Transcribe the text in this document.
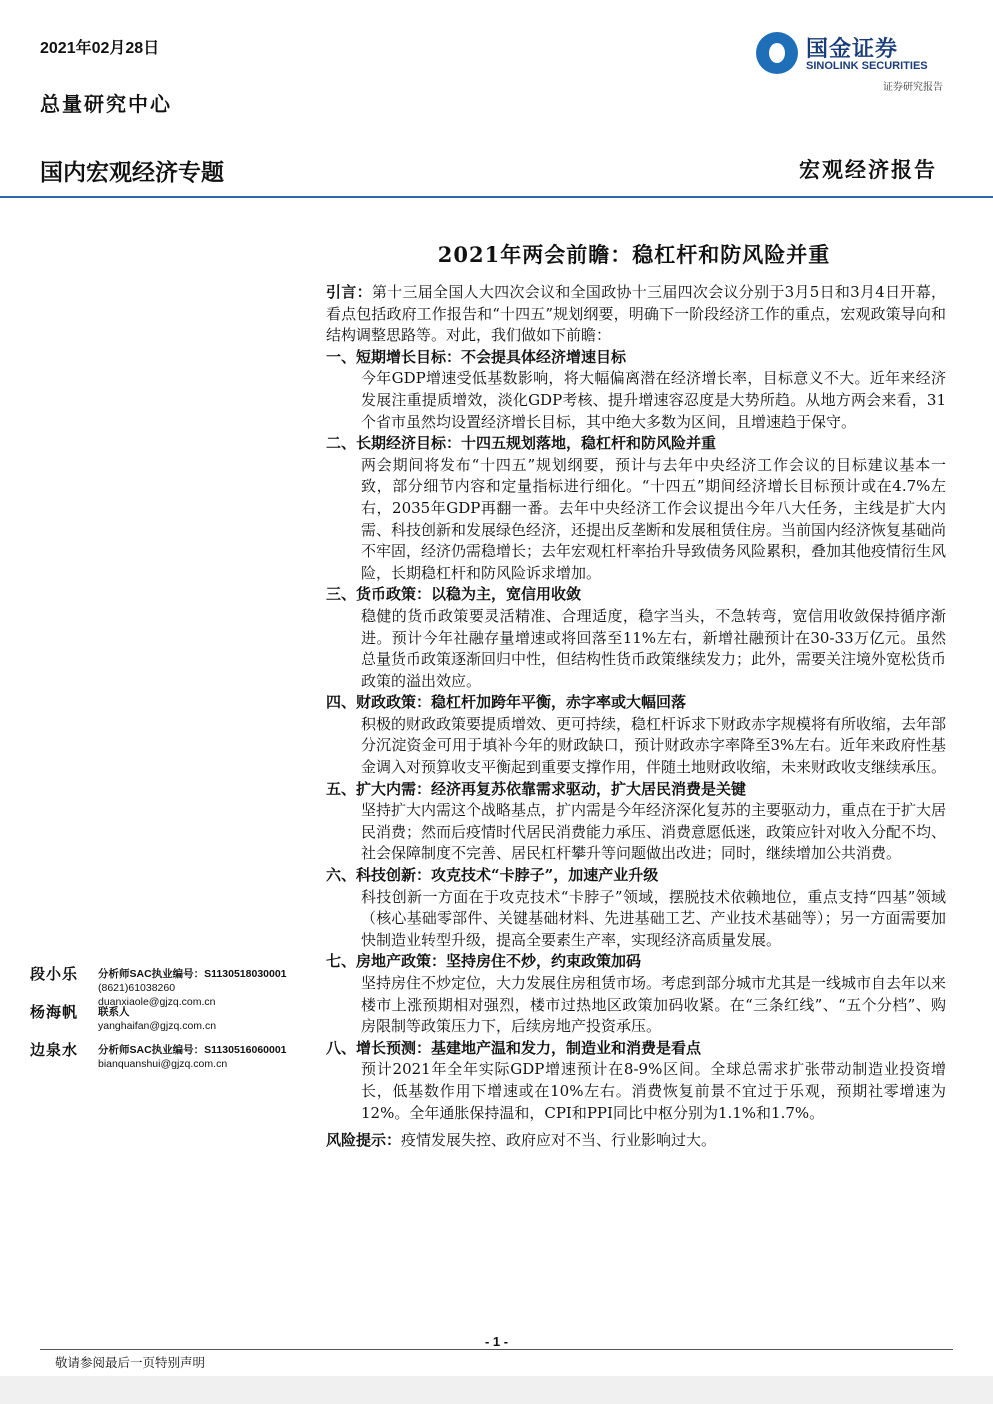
2021年02月28日	国金证券
SINOLINK SECURITIES
证券研究报告
总量研究中心
国内宏观经济专题	宏观经济报告
2021年两会前瞻：稳杠杆和防风险并重
引言：第十三届全国人大四次会议和全国政协十三届四次会议分别于3月5日和3月4日开幕，看点包括政府工作报告和“十四五”规划纲要，明确下一阶段经济工作的重点，宏观政策导向和结构调整思路等。对此，我们做如下前瞻：
一、短期增长目标：不会提具体经济增速目标
今年GDP增速受低基数影响，将大幅偏离潜在经济增长率，目标意义不大。近年来经济发展注重提质增效，淡化GDP考核、提升增速容忍度是大势所趋。从地方两会来看，31个省市虽然均设置经济增长目标，其中绝大多数为区间，且增速趋于保守。
二、长期经济目标：十四五规划落地，稳杠杆和防风险并重
两会期间将发布“十四五”规划纲要，预计与去年中央经济工作会议的目标建议基本一致，部分细节内容和定量指标进行细化。“十四五”期间经济增长目标预计或在4.7%左右，2035年GDP再翻一番。去年中央经济工作会议提出今年八大任务，主线是扩大内需、科技创新和发展绿色经济，还提出反垄断和发展租赁住房。当前国内经济恢复基础尚不牢固，经济仍需稳增长；去年宏观杠杆率抬升导致债务风险累积，叠加其他疫情衍生风险，长期稳杠杆和防风险诉求增加。
三、货币政策：以稳为主，宽信用收敛
稳健的货币政策要灵活精准、合理适度，稳字当头，不急转弯，宽信用收敛保持循序渐进。预计今年社融存量增速或将回落至11%左右，新增社融预计在30-33万亿元。虽然总量货币政策逐渐回归中性，但结构性货币政策继续发力；此外，需要关注境外宽松货币政策的溢出效应。
四、财政政策：稳杠杆加跨年平衡，赤字率或大幅回落
积极的财政政策要提质增效、更可持续，稳杠杆诉求下财政赤字规模将有所收缩，去年部分沉淀资金可用于填补今年的财政缺口，预计财政赤字率降至3%左右。近年来政府性基金调入对预算收支平衡起到重要支撑作用，伴随土地财政收缩，未来财政收支继续承压。
五、扩大内需：经济再复苏依靠需求驱动，扩大居民消费是关键
坚持扩大内需这个战略基点，扩内需是今年经济深化复苏的主要驱动力，重点在于扩大居民消费；然而后疫情时代居民消费能力承压、消费意愿低迷，政策应针对收入分配不均、社会保障制度不完善、居民杠杆攀升等问题做出改进；同时，继续增加公共消费。
六、科技创新：攻克技术“卡脖子”，加速产业升级
科技创新一方面在于攻克技术“卡脖子”领域，摆脱技术依赖地位，重点支持“四基”领域（核心基础零部件、关键基础材料、先进基础工艺、产业技术基础等）；另一方面需要加快制造业转型升级，提高全要素生产率，实现经济高质量发展。
七、房地产政策：坚持房住不炒，约束政策加码
坚持房住不炒定位，大力发展住房租赁市场。考虑到部分城市尤其是一线城市自去年以来楼市上涨预期相对强烈，楼市过热地区政策加码收紧。在“三条红线”、“五个分档”、购房限制等政策压力下，后续房地产投资承压。
八、增长预测：基建地产温和发力，制造业和消费是看点
预计2021年全年实际GDP增速预计在8-9%区间。全球总需求扩张带动制造业投资增长，低基数作用下增速或在10%左右。消费恢复前景不宜过于乐观，预期社零增速为12%。全年通胀保持温和，CPI和PPI同比中枢分别为1.1%和1.7%。
风险提示：疫情发展失控、政府应对不当、行业影响过大。
段小乐 分析师SAC执业编号：S1130518030001
(8621)61038260
duanxiaole@gjzq.com.cn
杨海帆 联系人
yanghaifan@gjzq.com.cn
边泉水 分析师SAC执业编号：S1130516060001
bianquanshui@gjzq.com.cn
- 1 -
敬请参阅最后一页特别声明
